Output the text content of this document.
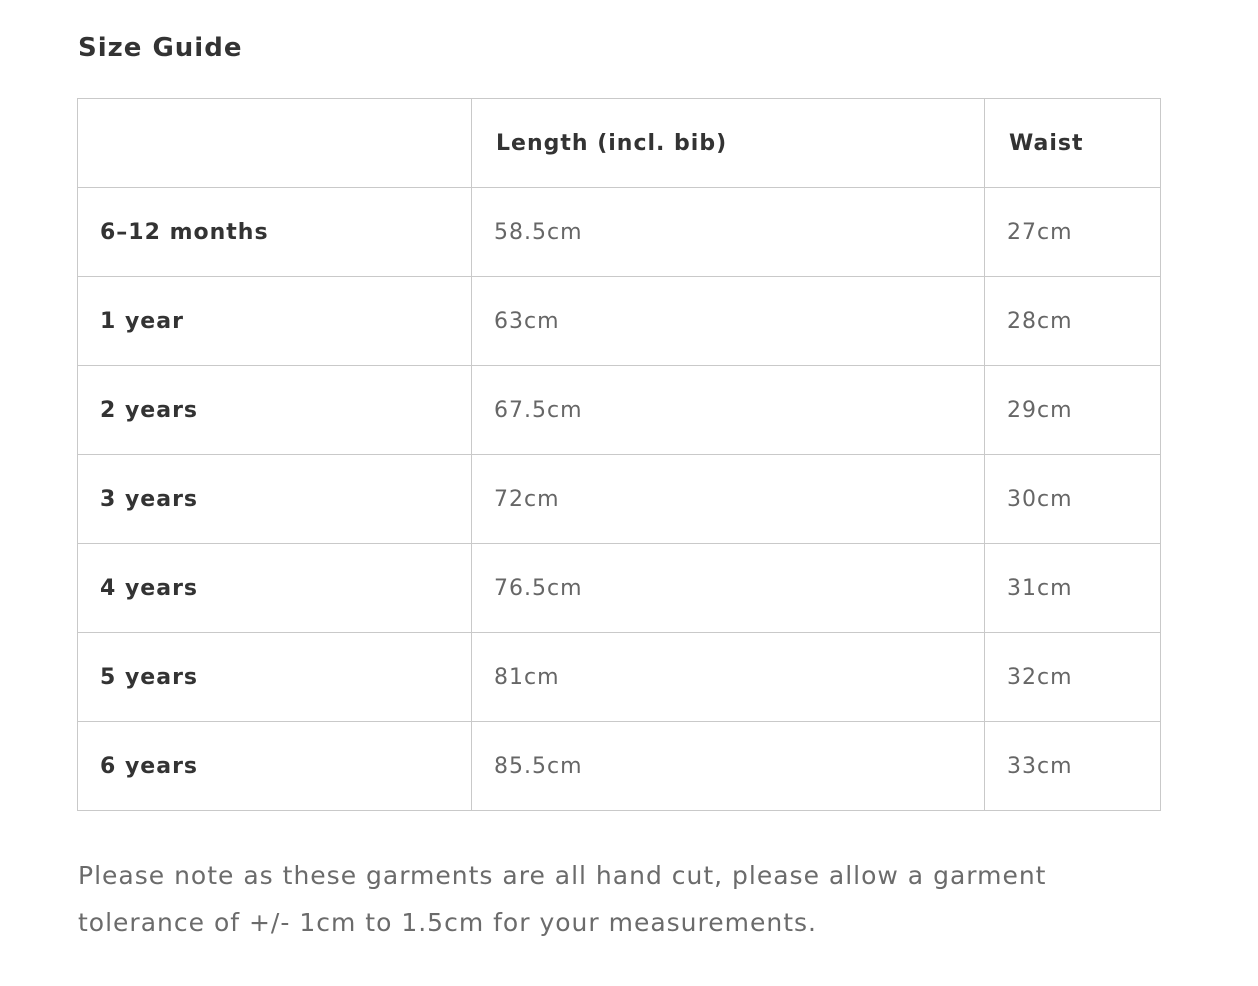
Size Guide
	Length (incl. bib)	Waist
6–12 months	58.5cm	27cm
1 year	63cm	28cm
2 years	67.5cm	29cm
3 years	72cm	30cm
4 years	76.5cm	31cm
5 years	81cm	32cm
6 years	85.5cm	33cm

Please note as these garments are all hand cut, please allow a garment tolerance of +/- 1cm to 1.5cm for your measurements.
